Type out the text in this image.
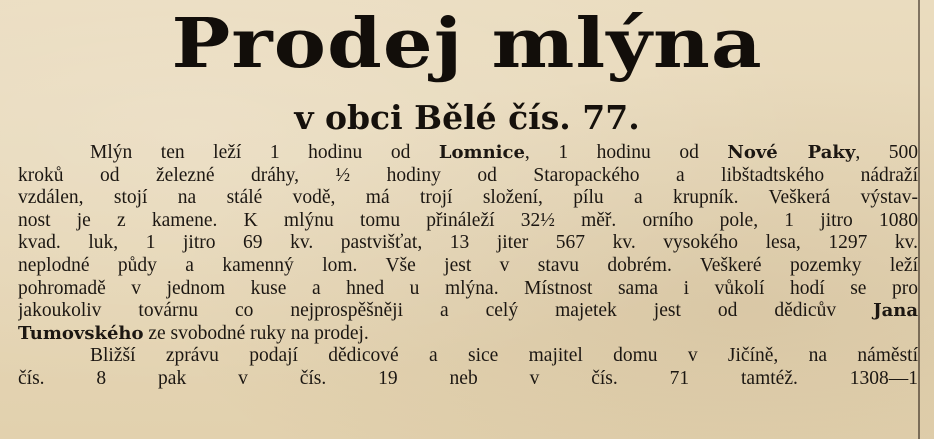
Prodej mlýna
v obci Bělé čís. 77.
Mlýn ten leží 1 hodinu od Lomnice, 1 hodinu od Nové Paky, 500
kroků od železné dráhy, ½ hodiny od Staropackého a libštadtského nádraží
vzdálen, stojí na stálé vodě, má trojí složení, pílu a krupník. Veškerá výstav-
nost je z kamene. K mlýnu tomu přináleží 32½ měř. orního pole, 1 jitro 1080
kvad. luk, 1 jitro 69 kv. pastvišťat, 13 jiter 567 kv. vysokého lesa, 1297 kv.
neplodné půdy a kamenný lom. Vše jest v stavu dobrém. Veškeré pozemky leží
pohromadě v jednom kuse a hned u mlýna. Místnost sama i vůkolí hodí se pro
jakoukoliv továrnu co nejprospěšněji a celý majetek jest od dědicův Jana
Tumovského ze svobodné ruky na prodej.
Bližší zprávu podají dědicové a sice majitel domu v Jičíně, na náměstí
čís. 8 pak v čís. 19 neb v čís. 71 tamtéž. 1308—1
